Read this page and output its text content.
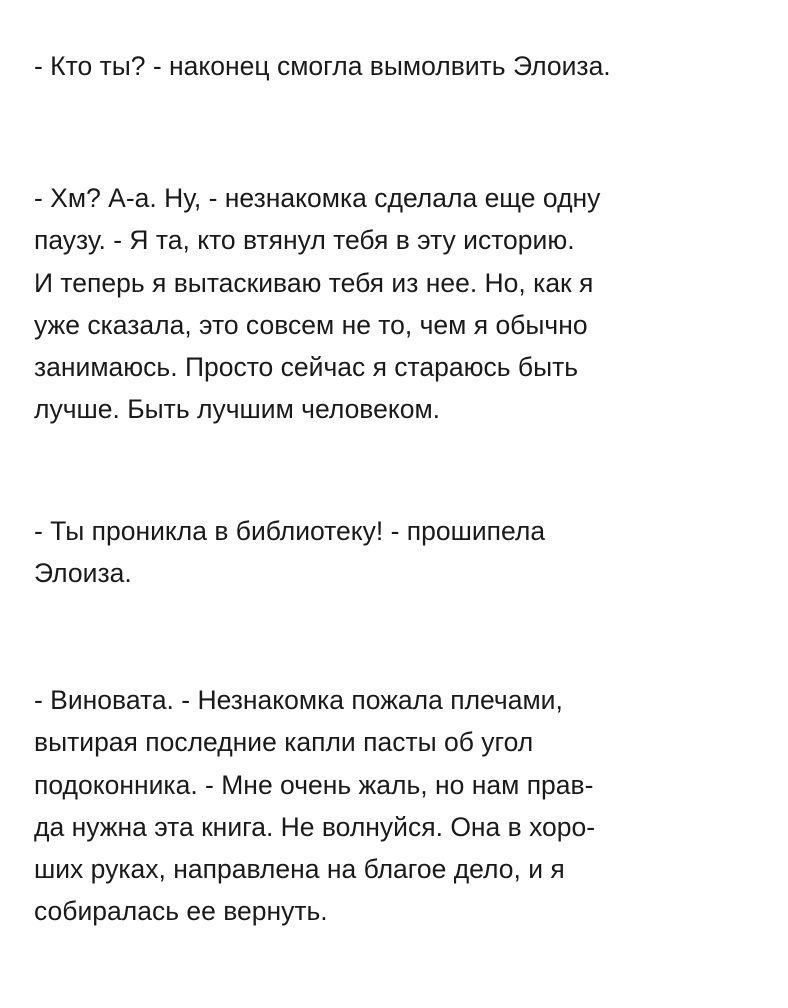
- Кто ты? - наконец смогла вымолвить Элоиза.
- Хм? А-а. Ну, - незнакомка сделала еще одну
паузу. - Я та, кто втянул тебя в эту историю.
И теперь я вытаскиваю тебя из нее. Но, как я
уже сказала, это совсем не то, чем я обычно
занимаюсь. Просто сейчас я стараюсь быть
лучше. Быть лучшим человеком.
- Ты проникла в библиотеку! - прошипела
Элоиза.
- Виновата. - Незнакомка пожала плечами,
вытирая последние капли пасты об угол
подоконника. - Мне очень жаль, но нам прав-
да нужна эта книга. Не волнуйся. Она в хоро-
ших руках, направлена на благое дело, и я
собиралась ее вернуть.
